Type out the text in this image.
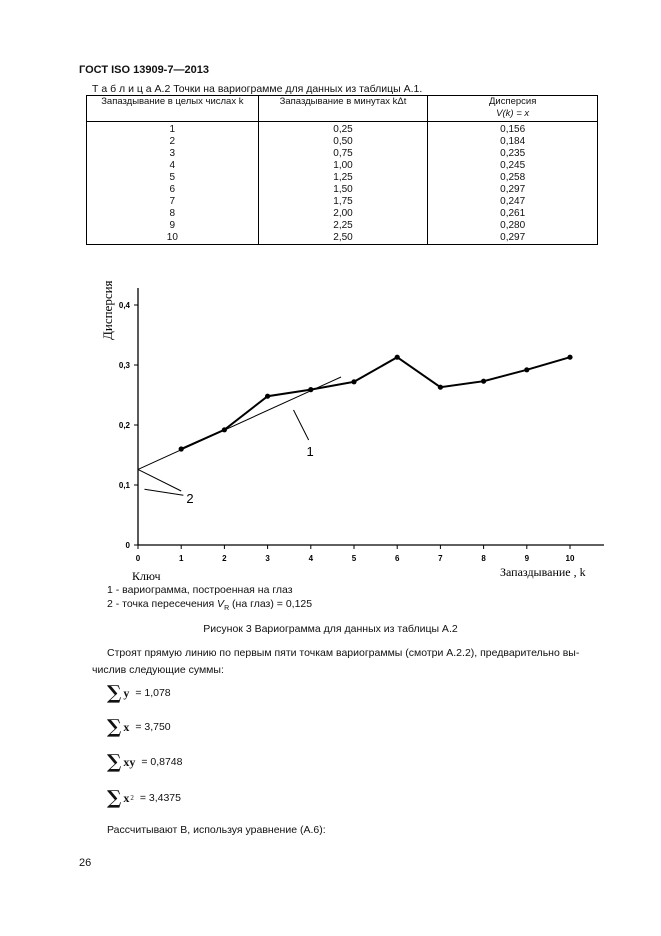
ГОСТ ISO 13909-7—2013
Т а б л и ц а А.2 Точки на вариограмме для данных из таблицы А.1.
Запаздывание в целых числах k	Запаздывание в минутах kΔt	Дисперсия
V(k) = x

1	0,25	0,156
2	0,50	0,184
3	0,75	0,235
4	1,00	0,245
5	1,25	0,258
6	1,50	0,297
7	1,75	0,247
8	2,00	0,261
9	2,25	0,280
10	2,50	0,297
0	1	2	3	4	5	6	7	8	9	10
0
0,1
0,2
0,3
0,4
1
2
Дисперсия
Запаздывание , k
Ключ
1 - вариограмма, построенная на глаз
2 - точка пересечения $V_R$ (на глаз) = 0,125
Рисунок 3 Вариограмма для данных из таблицы А.2
Строят прямую линию по первым пяти точкам вариограммы (смотри А.2.2), предварительно вы-числив следующие суммы:
∑ y = 1,078
∑ x = 3,750
∑ xy = 0,8748
∑ x 2 = 3,4375
Рассчитывают В, используя уравнение (А.6):
26
